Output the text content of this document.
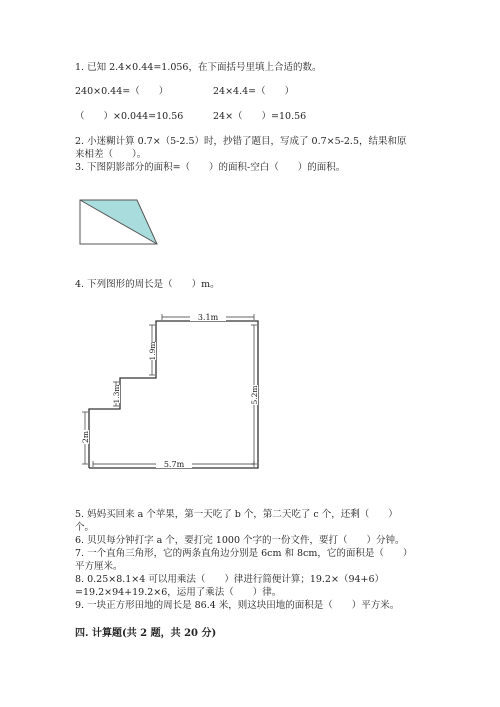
1. 已知 2.4×0.44=1.056，在下面括号里填上合适的数。
240×0.44=（　　）	24×4.4=（　　）
（　　）×0.044=10.56	24×（　　）=10.56
2. 小迷糊计算 0.7×（5-2.5）时，抄错了题目，写成了 0.7×5-2.5，结果和原
来相差（　　）。
3. 下图阴影部分的面积=（　　）的面积-空白（　　）的面积。
4. 下列图形的周长是（　　）m。
3.1m
1.9m
1.3m
2m
5.2m
5.7m
5. 妈妈买回来 a 个苹果，第一天吃了 b 个，第二天吃了 c 个，还剩（　　）
个。
6. 贝贝每分钟打字 a 个，要打完 1000 个字的一份文件，要打（　　）分钟。
7. 一个直角三角形，它的两条直角边分别是 6cm 和 8cm，它的面积是（　　）
平方厘米。
8. 0.25×8.1×4 可以用乘法（　　）律进行简便计算；19.2×（94+6）
=19.2×94+19.2×6，运用了乘法（　　）律。
9. 一块正方形田地的周长是 86.4 米，则这块田地的面积是（　　）平方米。
四. 计算题(共 2 题，共 20 分)
